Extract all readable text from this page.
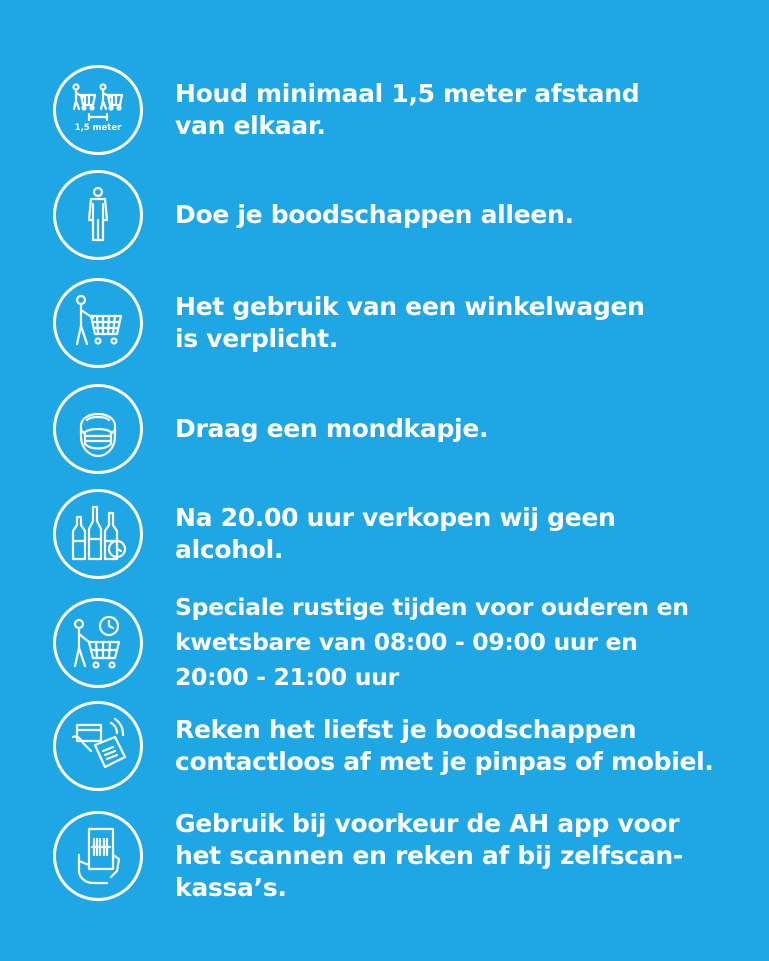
1,5 meter
Houd minimaal 1,5 meter afstand
van elkaar.
Doe je boodschappen alleen.
Het gebruik van een winkelwagen
is verplicht.
Draag een mondkapje.
Na 20.00 uur verkopen wij geen
alcohol.
Speciale rustige tijden voor ouderen en
kwetsbare van 08:00 - 09:00 uur en
20:00 - 21:00 uur
Reken het liefst je boodschappen
contactloos af met je pinpas of mobiel.
Gebruik bij voorkeur de AH app voor
het scannen en reken af bij zelfscan-
kassa’s.
